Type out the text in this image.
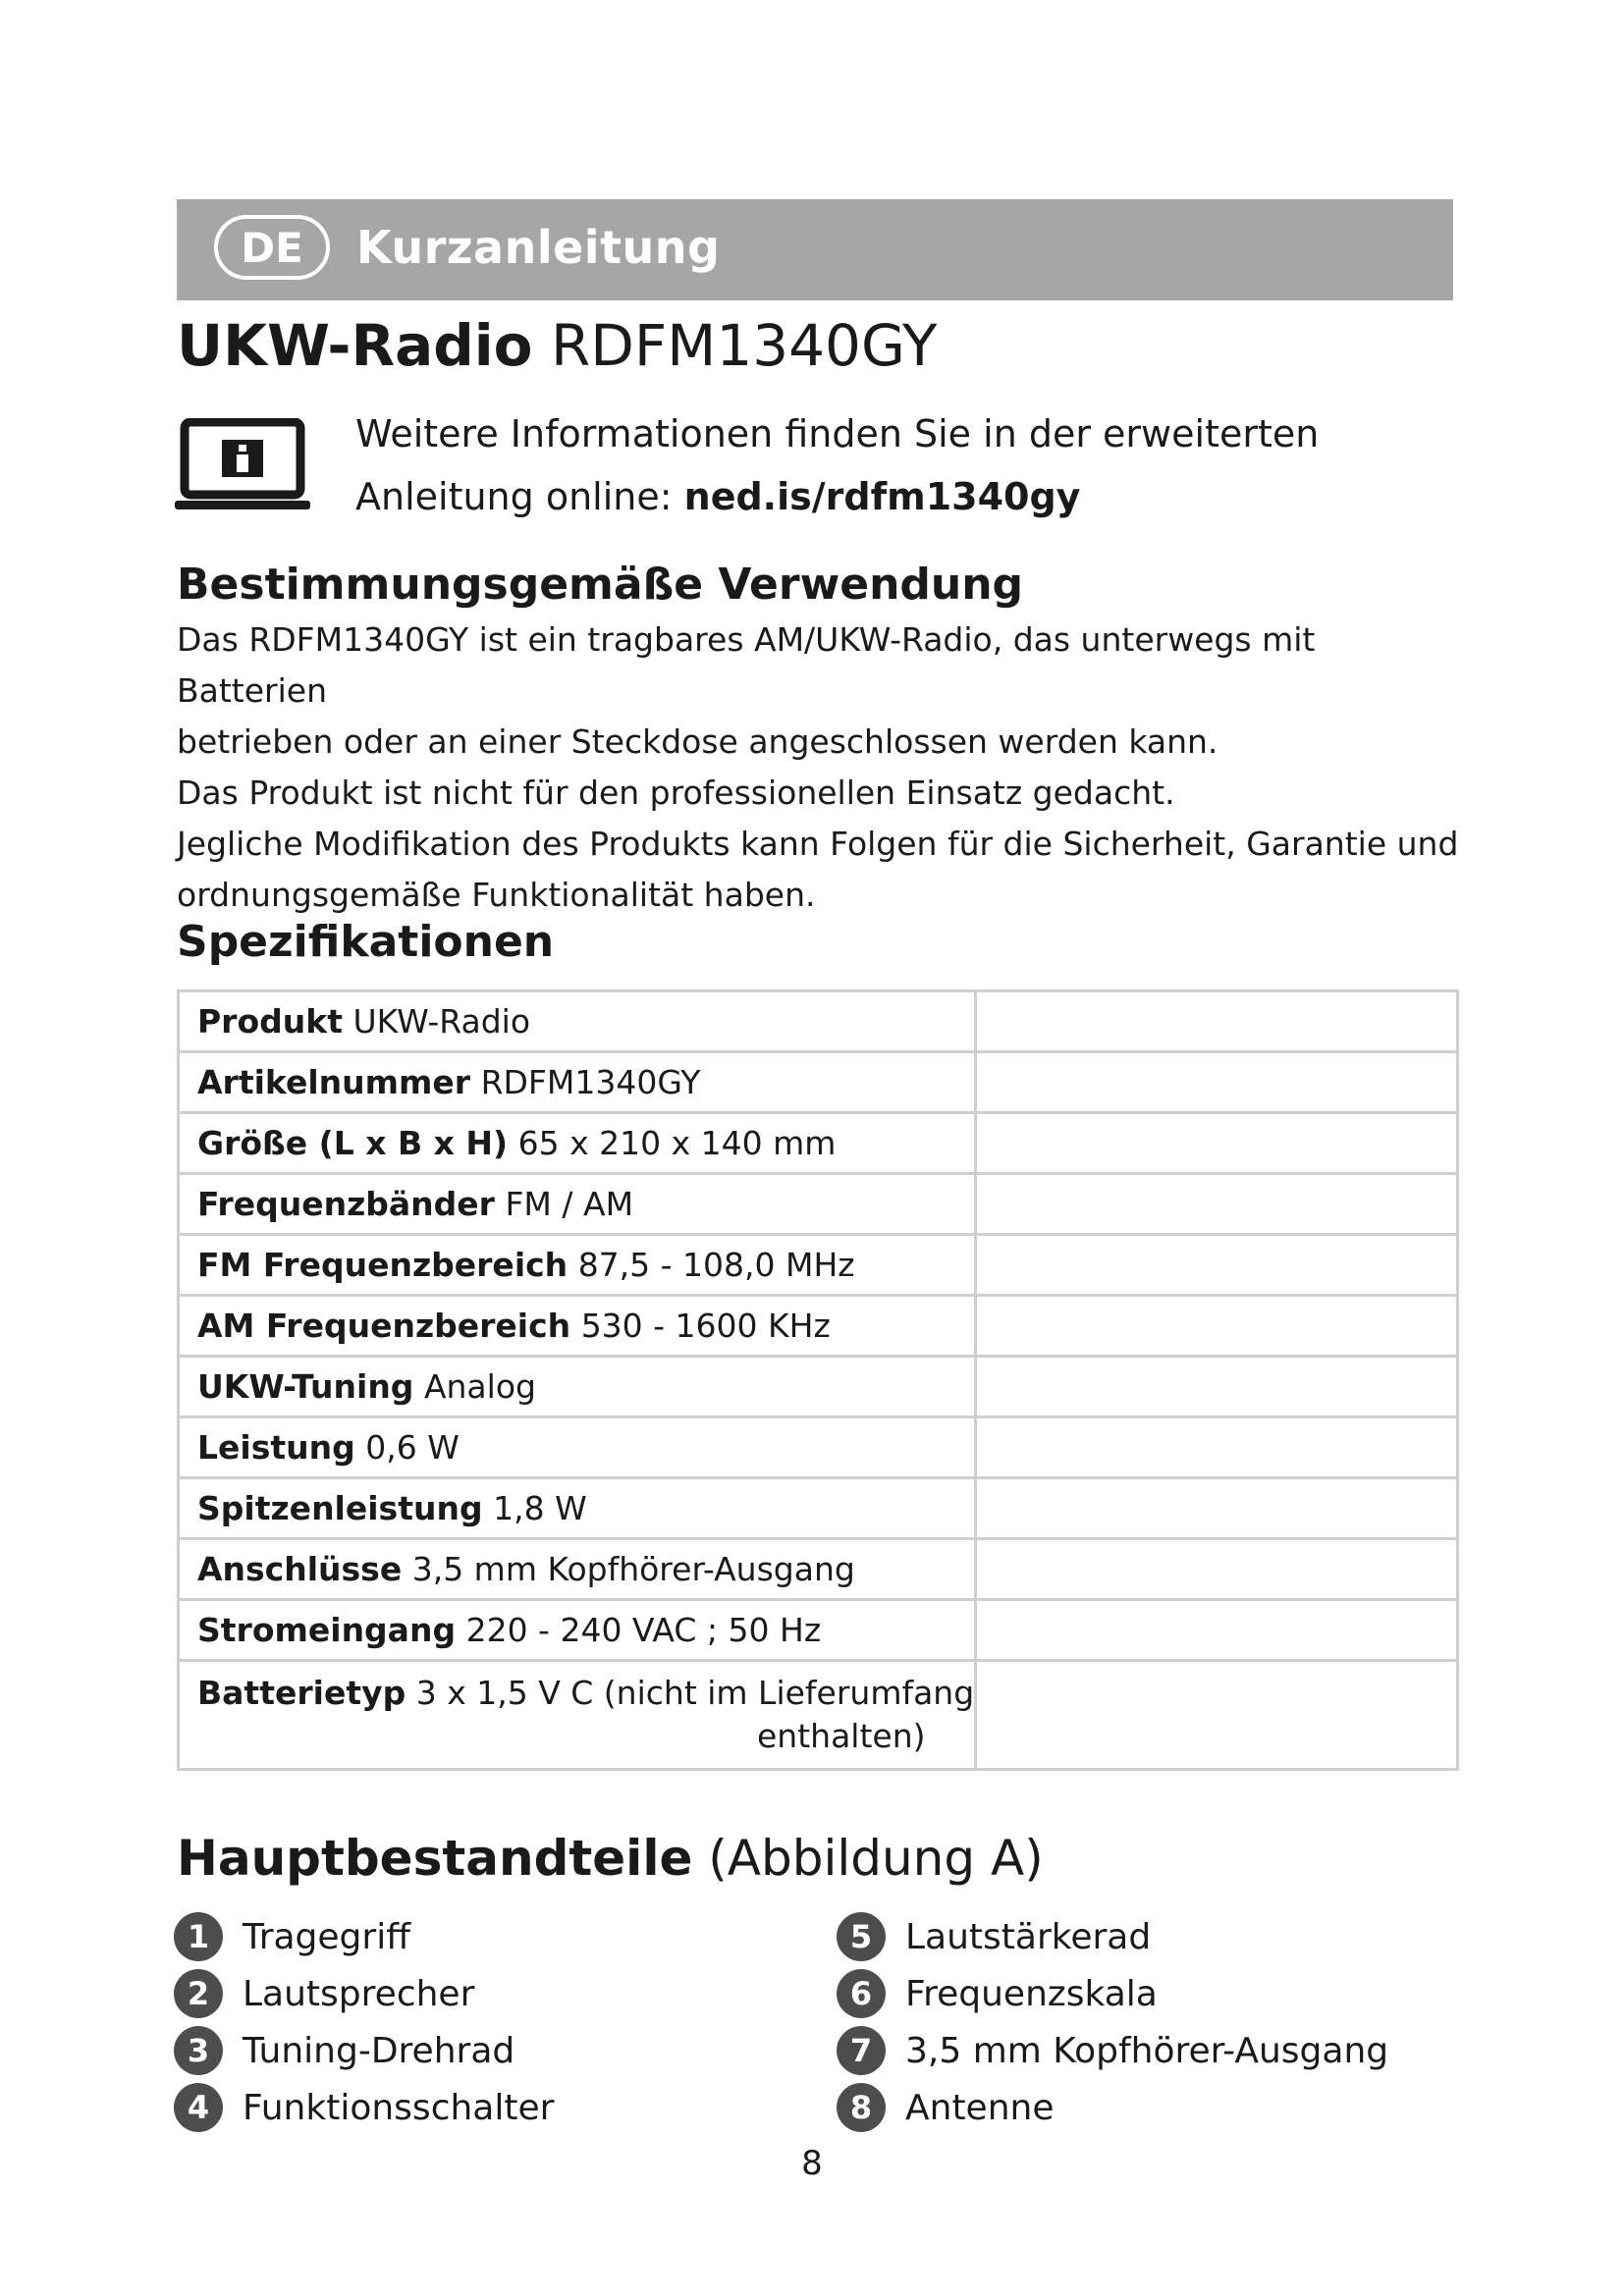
DE	Kurzanleitung
UKW-Radio RDFM1340GY
Weitere Informationen finden Sie in der erweiterten
Anleitung online: ned.is/rdfm1340gy
Bestimmungsgemäße Verwendung

Das RDFM1340GY ist ein tragbares AM/UKW-Radio, das unterwegs mit Batterien

betrieben oder an einer Steckdose angeschlossen werden kann.

Das Produkt ist nicht für den professionellen Einsatz gedacht.

Jegliche Modifikation des Produkts kann Folgen für die Sicherheit, Garantie und

ordnungsgemäße Funktionalität haben.

Spezifikationen
Produkt UKW-Radio	
Artikelnummer RDFM1340GY	
Größe (L x B x H) 65 x 210 x 140 mm	
Frequenzbänder FM / AM	
FM Frequenzbereich 87,5 - 108,0 MHz	
AM Frequenzbereich 530 - 1600 KHz	
UKW-Tuning Analog	
Leistung 0,6 W	
Spitzenleistung 1,8 W	
Anschlüsse 3,5 mm Kopfhörer-Ausgang	
Stromeingang 220 - 240 VAC ; 50 Hz	

Batterietyp 3 x 1,5 V C (nicht im Lieferumfang
enthalten)	

Hauptbestandteile (Abbildung A)
1 Tragegriff
2 Lautsprecher
3 Tuning-Drehrad
4 Funktionsschalter
5 Lautstärkerad
6 Frequenzskala
7 3,5 mm Kopfhörer-Ausgang
8 Antenne
8
